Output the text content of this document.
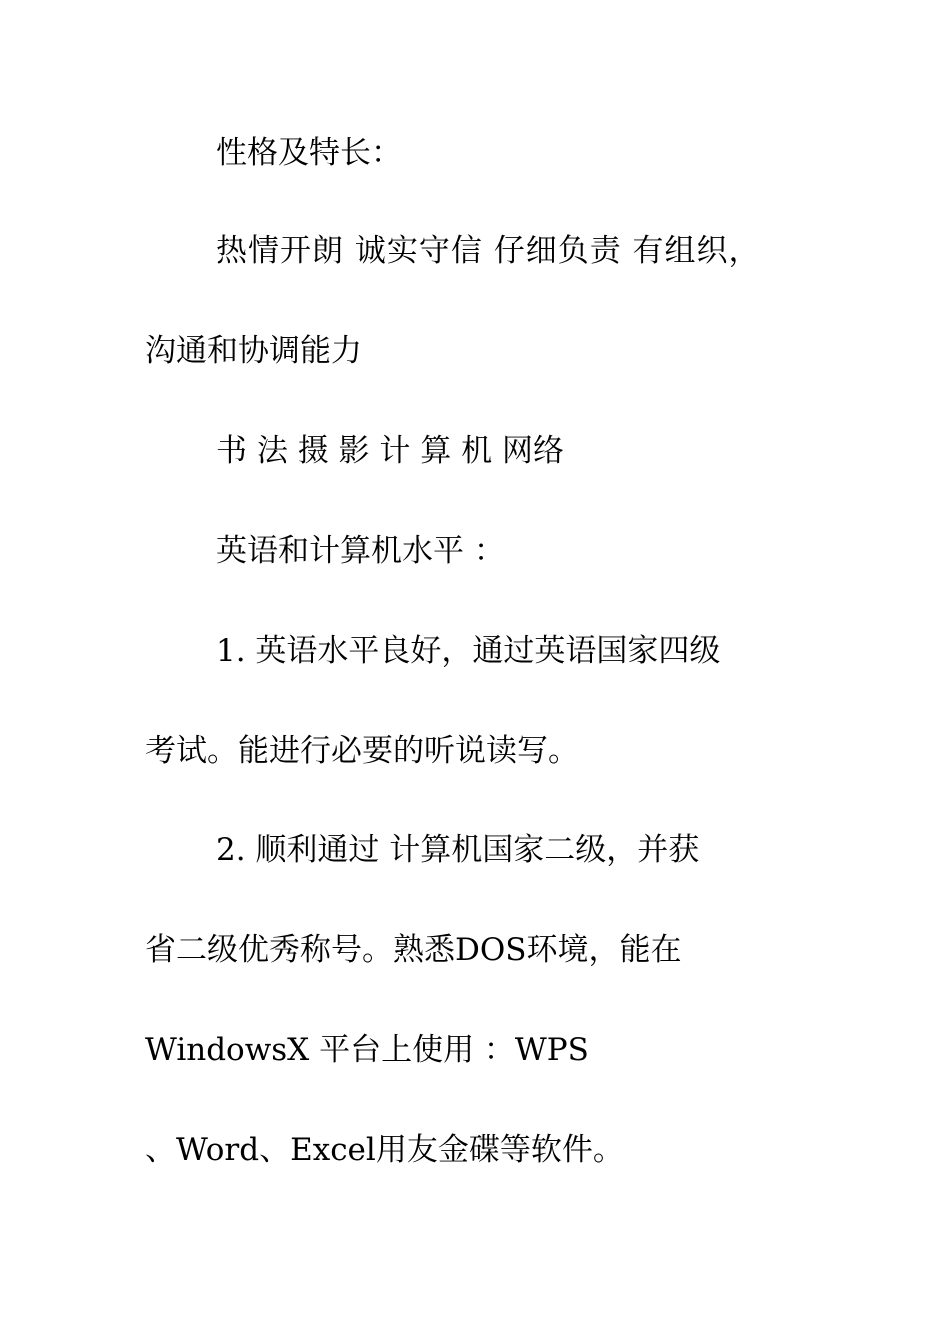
性格及特长：
热情开朗 诚实守信 仔细负责 有组织，
沟通和协调能力
书 法 摄 影 计 算 机 网络
英语和计算机水平 ：
1. 英语水平良好，通过英语国家四级
考试。能进行必要的听说读写。
2. 顺利通过 计算机国家二级，并获
省二级优秀称号。熟悉DOS环境，能在
WindowsX 平台上使用 ：WPS
、Word、Excel用友金碟等软件。
